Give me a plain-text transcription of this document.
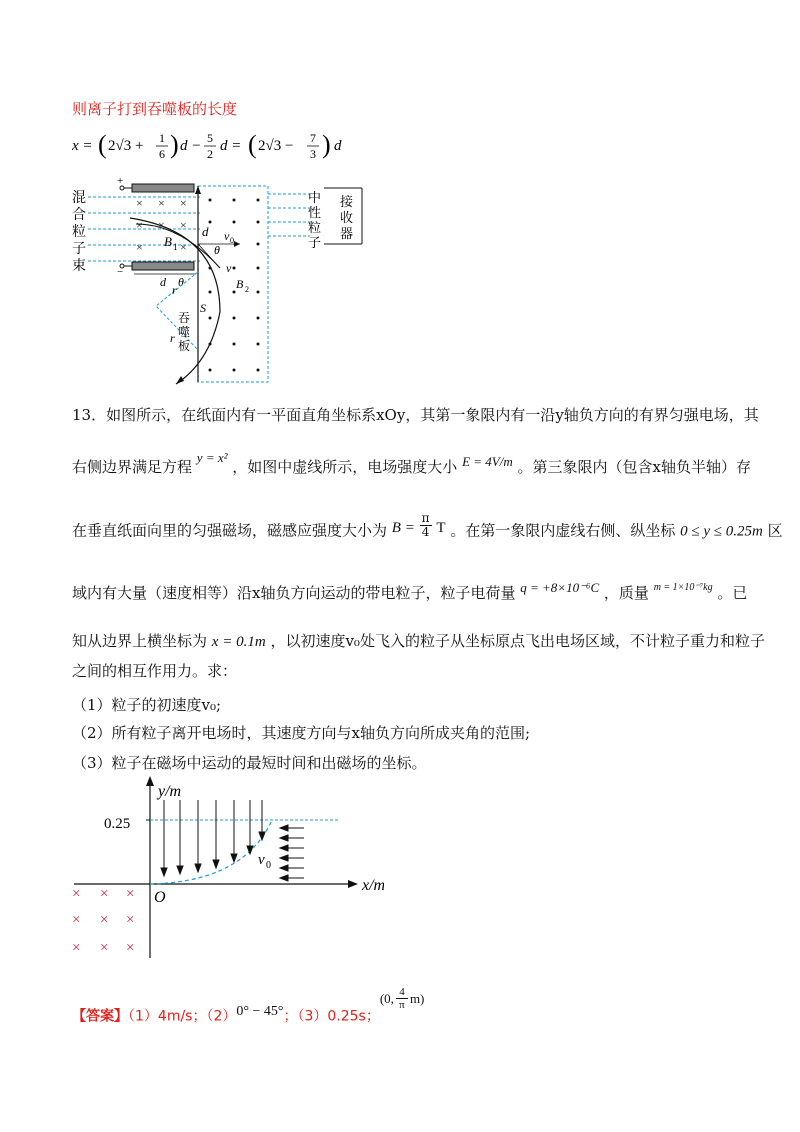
则离子打到吞噬板的长度
x = ( 2√3 + 1
6 ) d − 5
2 d = ( 2√3 − 7
3 ) d
混
合
粒
子
束
+
−
× × ×
× × ×
×	×
B 1
d v 0
θ
v
B 2
d θ
r
r
S
吞
噬
板
中
性
粒
子
接
收
器
13．如图所示，在纸面内有一平面直角坐标系xOy，其第一象限内有一沿y轴负方向的有界匀强电场，其
右侧边界满足方程 y = x² ，如图中虚线所示，电场强度大小 E = 4V/m 。第三象限内（包含x轴负半轴）存
在垂直纸面向里的匀强磁场，磁感应强度大小为 $B = \frac{\pi}{4}$ T 。在第一象限内虚线右侧、纵坐标 0 ≤ y ≤ 0.25m 区
域内有大量（速度相等）沿x轴负方向运动的带电粒子，粒子电荷量 q = +8×10⁻⁶C ，质量 $^{m = 1\times 10^{-7}kg}$ 。已
知从边界上横坐标为 x = 0.1m ，以初速度v₀处飞入的粒子从坐标原点飞出电场区域，不计粒子重力和粒子
之间的相互作用力。求：
（1）粒子的初速度v₀;
（2）所有粒子离开电场时，其速度方向与x轴负方向所成夹角的范围;
（3）粒子在磁场中运动的最短时间和出磁场的坐标。
y/m
x/m
O
0.25
v 0
× × ×
× × ×
× × ×
【答案】（1）4m/s；（2）0° − 45°；（3）0.25s；
(0, $\frac{4}{\pi} m$)
